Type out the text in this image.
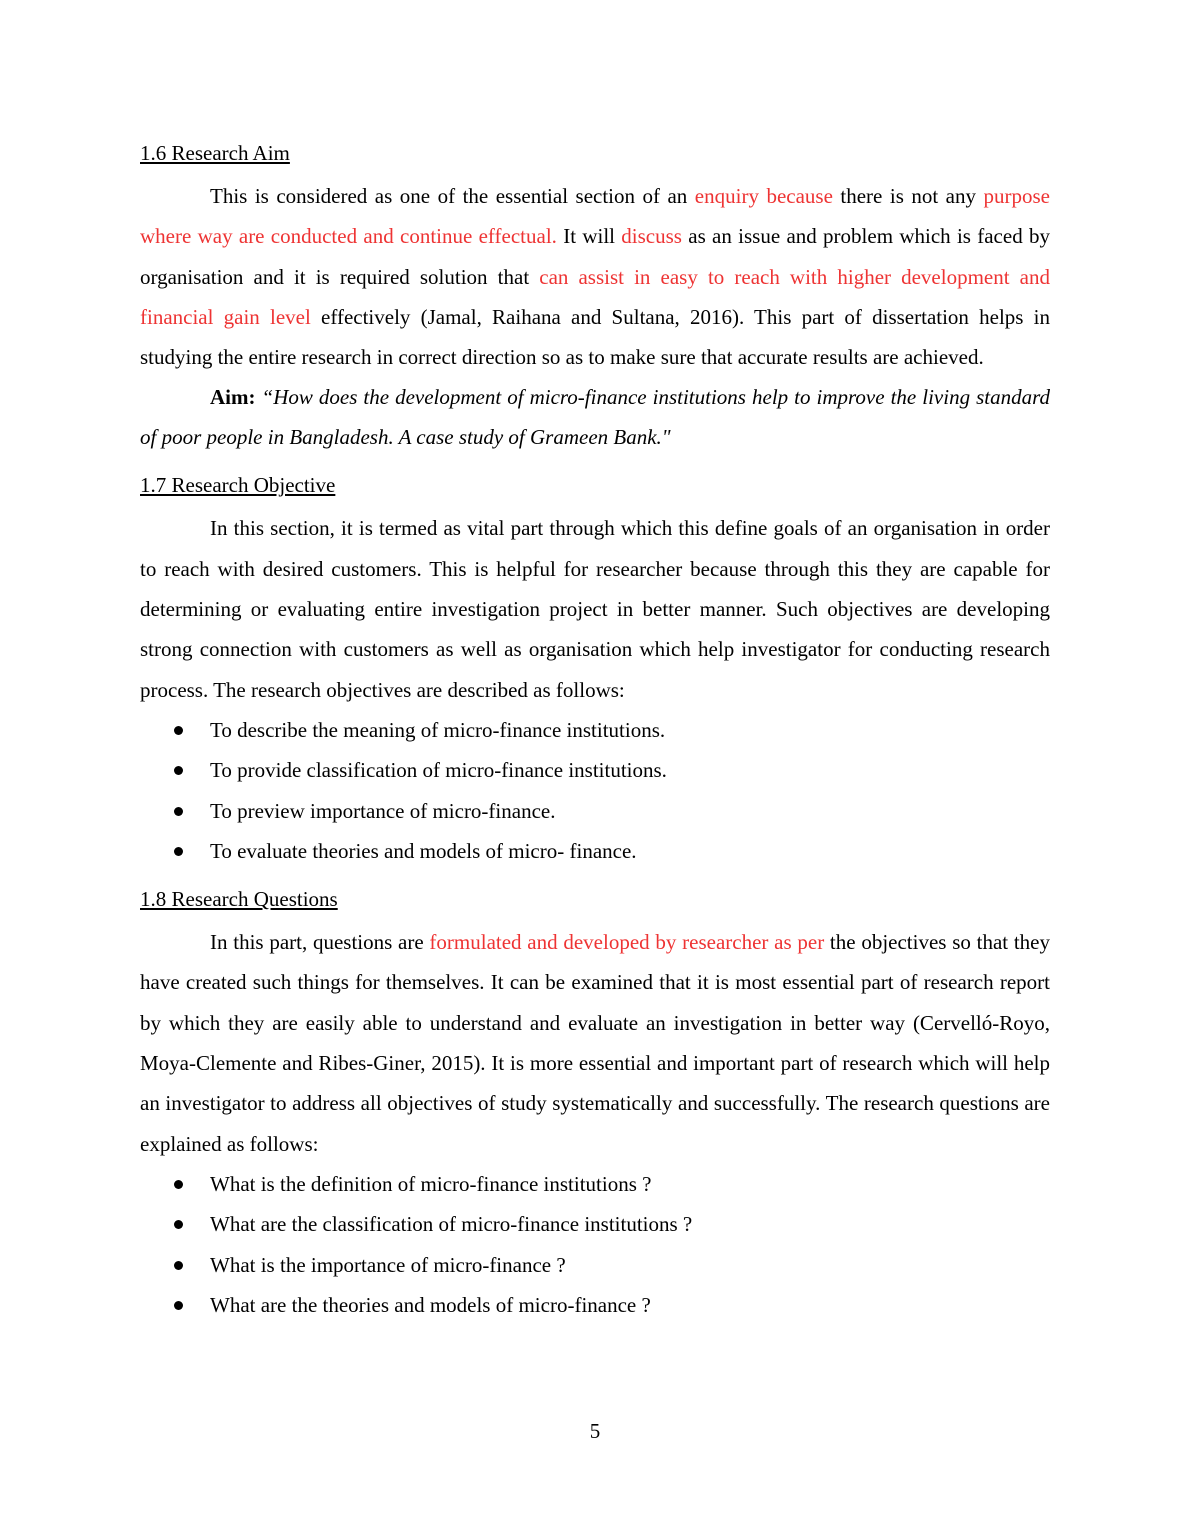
1.6 Research Aim

This is considered as one of the essential section of an enquiry because there is not any purpose where way are conducted and continue effectual. It will discuss as an issue and problem which is faced by organisation and it is required solution that can assist in easy to reach with higher development and financial gain level effectively (Jamal, Raihana and Sultana, 2016). This part of dissertation helps in studying the entire research in correct direction so as to make sure that accurate results are achieved.

Aim: “How does the development of micro-finance institutions help to improve the living standard of poor people in Bangladesh. A case study of Grameen Bank."

1.7 Research Objective

In this section, it is termed as vital part through which this define goals of an organisation in order to reach with desired customers. This is helpful for researcher because through this they are capable for determining or evaluating entire investigation project in better manner. Such objectives are developing strong connection with customers as well as organisation which help investigator for conducting research process. The research objectives are described as follows:

To describe the meaning of micro-finance institutions.
To provide classification of micro-finance institutions.
To preview importance of micro-finance.
To evaluate theories and models of micro- finance.
1.8 Research Questions

In this part, questions are formulated and developed by researcher as per the objectives so that they have created such things for themselves. It can be examined that it is most essential part of research report by which they are easily able to understand and evaluate an investigation in better way (Cervelló-Royo, Moya-Clemente and Ribes-Giner, 2015). It is more essential and important part of research which will help an investigator to address all objectives of study systematically and successfully. The research questions are explained as follows:

What is the definition of micro-finance institutions ?
What are the classification of micro-finance institutions ?
What is the importance of micro-finance ?
What are the theories and models of micro-finance ?
5
